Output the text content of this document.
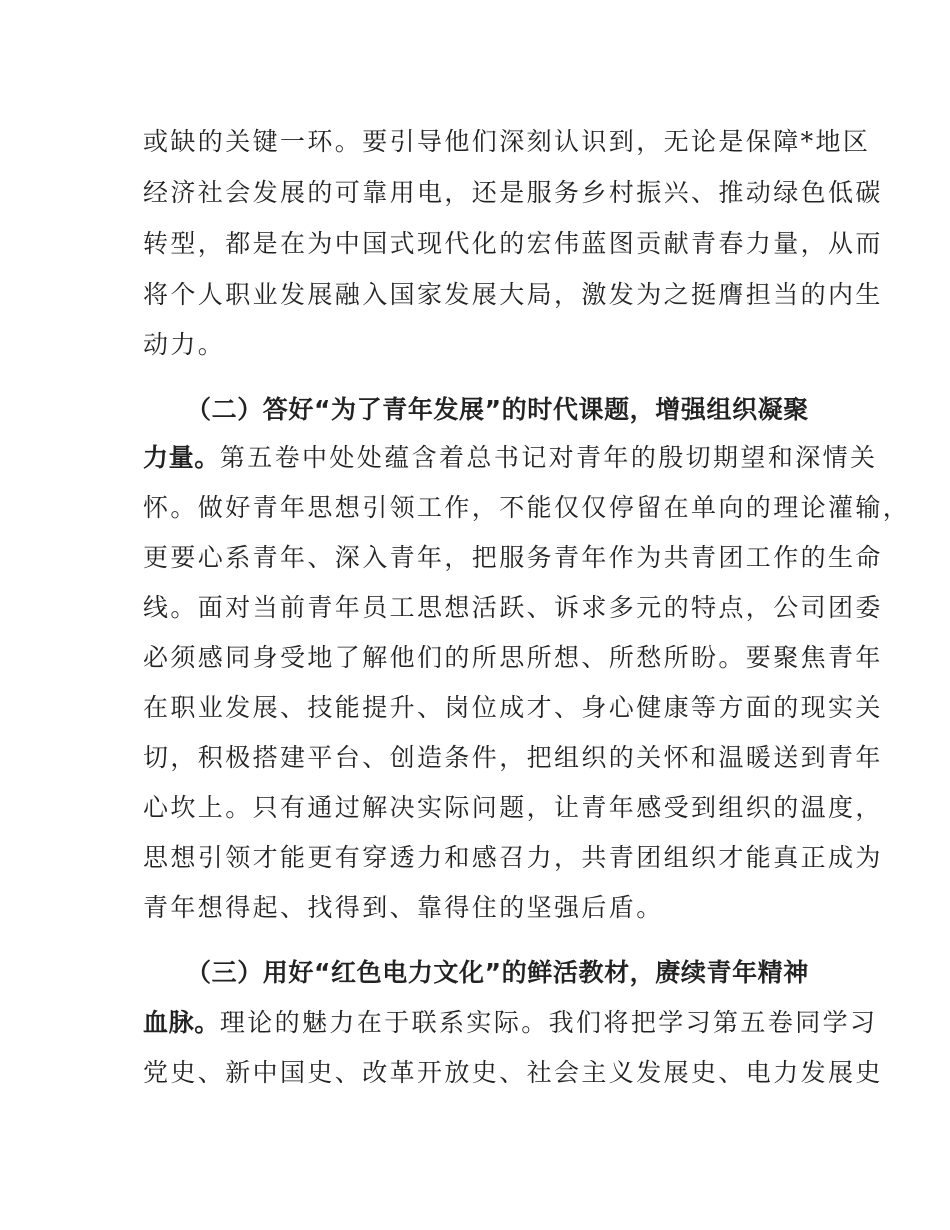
或缺的关键一环。要引导他们深刻认识到，无论是保障*地区
经济社会发展的可靠用电，还是服务乡村振兴、推动绿色低碳
转型，都是在为中国式现代化的宏伟蓝图贡献青春力量，从而
将个人职业发展融入国家发展大局，激发为之挺膺担当的内生
动力。
（二）答好“为了青年发展”的时代课题，增强组织凝聚
力量。第五卷中处处蕴含着总书记对青年的殷切期望和深情关
怀。做好青年思想引领工作，不能仅仅停留在单向的理论灌输，
更要心系青年、深入青年，把服务青年作为共青团工作的生命
线。面对当前青年员工思想活跃、诉求多元的特点，公司团委
必须感同身受地了解他们的所思所想、所愁所盼。要聚焦青年
在职业发展、技能提升、岗位成才、身心健康等方面的现实关
切，积极搭建平台、创造条件，把组织的关怀和温暖送到青年
心坎上。只有通过解决实际问题，让青年感受到组织的温度，
思想引领才能更有穿透力和感召力，共青团组织才能真正成为
青年想得起、找得到、靠得住的坚强后盾。
（三）用好“红色电力文化”的鲜活教材，赓续青年精神
血脉。理论的魅力在于联系实际。我们将把学习第五卷同学习
党史、新中国史、改革开放史、社会主义发展史、电力发展史
